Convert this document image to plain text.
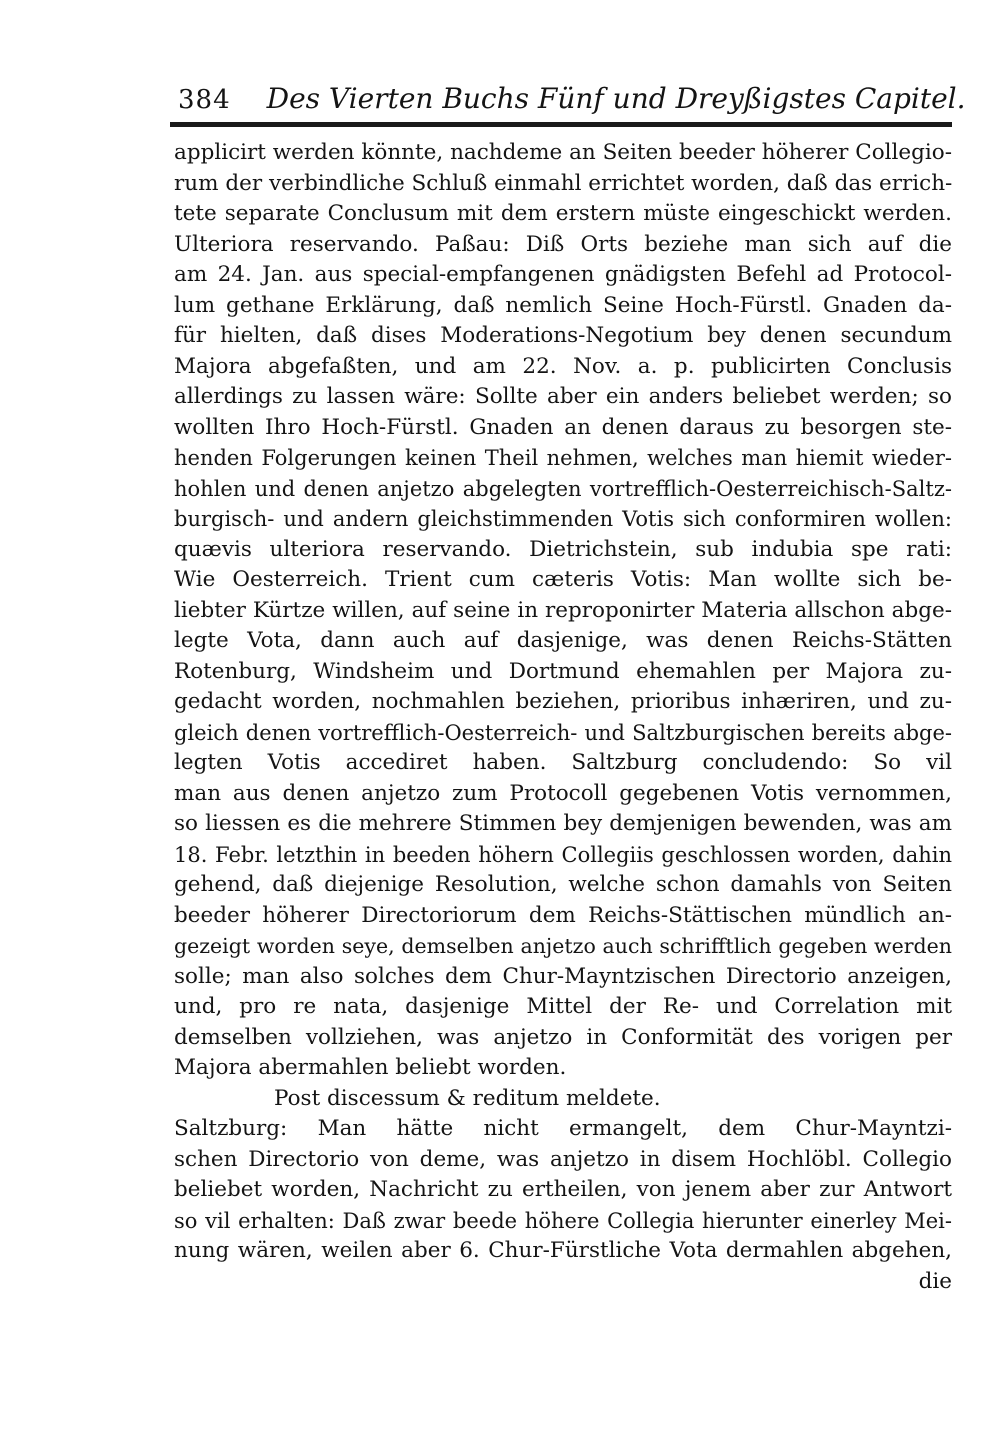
384 Des Vierten Buchs Fünf und Dreyßigstes Capitel.
applicirt werden könnte, nachdeme an Seiten beeder höherer Collegio-
rum der verbindliche Schluß einmahl errichtet worden, daß das errich-
tete separate Conclusum mit dem erstern müste eingeschickt werden.
Ulteriora reservando. Paßau: Diß Orts beziehe man sich auf die
am 24. Jan. aus special-empfangenen gnädigsten Befehl ad Protocol-
lum gethane Erklärung, daß nemlich Seine Hoch-Fürstl. Gnaden da-
für hielten, daß dises Moderations-Negotium bey denen secundum
Majora abgefaßten, und am 22. Nov. a. p. publicirten Conclusis
allerdings zu lassen wäre: Sollte aber ein anders beliebet werden; so
wollten Ihro Hoch-Fürstl. Gnaden an denen daraus zu besorgen ste-
henden Folgerungen keinen Theil nehmen, welches man hiemit wieder-
hohlen und denen anjetzo abgelegten vortrefflich-Oesterreichisch-Saltz-
burgisch- und andern gleichstimmenden Votis sich conformiren wollen:
quævis ulteriora reservando. Dietrichstein, sub indubia spe rati:
Wie Oesterreich. Trient cum cæteris Votis: Man wollte sich be-
liebter Kürtze willen, auf seine in reproponirter Materia allschon abge-
legte Vota, dann auch auf dasjenige, was denen Reichs-Stätten
Rotenburg, Windsheim und Dortmund ehemahlen per Majora zu-
gedacht worden, nochmahlen beziehen, prioribus inhæriren, und zu-
gleich denen vortrefflich-Oesterreich- und Saltzburgischen bereits abge-
legten Votis accediret haben. Saltzburg concludendo: So vil
man aus denen anjetzo zum Protocoll gegebenen Votis vernommen,
so liessen es die mehrere Stimmen bey demjenigen bewenden, was am
18. Febr. letzthin in beeden höhern Collegiis geschlossen worden, dahin
gehend, daß diejenige Resolution, welche schon damahls von Seiten
beeder höherer Directoriorum dem Reichs-Stättischen mündlich an-
gezeigt worden seye, demselben anjetzo auch schrifftlich gegeben werden
solle; man also solches dem Chur-Mayntzischen Directorio anzeigen,
und, pro re nata, dasjenige Mittel der Re- und Correlation mit
demselben vollziehen, was anjetzo in Conformität des vorigen per
Majora abermahlen beliebt worden.
Post discessum & reditum meldete.
Saltzburg: Man hätte nicht ermangelt, dem Chur-Mayntzi-
schen Directorio von deme, was anjetzo in disem Hochlöbl. Collegio
beliebet worden, Nachricht zu ertheilen, von jenem aber zur Antwort
so vil erhalten: Daß zwar beede höhere Collegia hierunter einerley Mei-
nung wären, weilen aber 6. Chur-Fürstliche Vota dermahlen abgehen,
die
